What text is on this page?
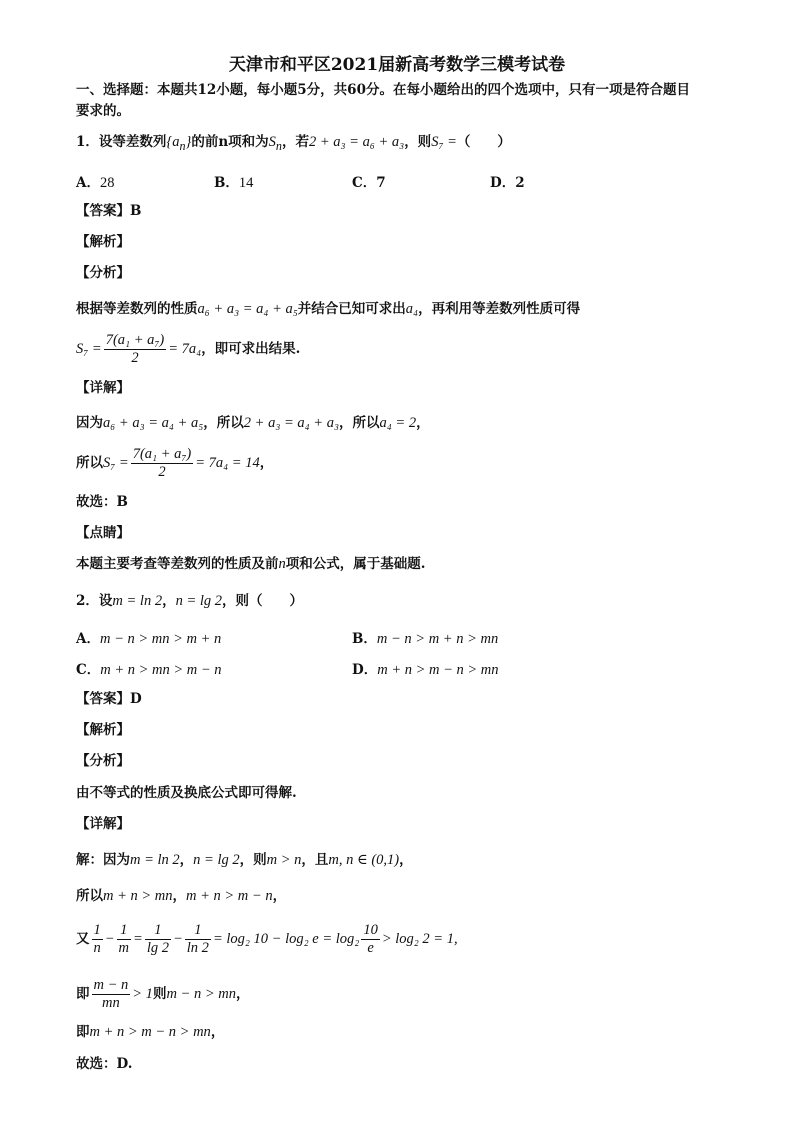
天津市和平区2021届新高考数学三模考试卷
一、选择题：本题共12小题，每小题5分，共60分。在每小题给出的四个选项中，只有一项是符合题目
要求的。
1．设等差数列$\{a_n\}$的前n项和为$S_n$，若2 + a₃ = a₆ + a₃，则S₇ =（　　）
A．28	B．14	C．7	D．2
【答案】B
【解析】
【分析】
根据等差数列的性质a₆ + a₃ = a₄ + a₅并结合已知可求出a₄，再利用等差数列性质可得
$S_7 = \frac{\text{7(a₁ + a₇)}}{2} = 7a_4$，即可求出结果.
【详解】
因为a₆ + a₃ = a₄ + a₅，所以2 + a₃ = a₄ + a₃，所以a₄ = 2，
所以$S_7 = \frac{\text{7(a₁ + a₇)}}{2} = 7a_4 = 14$，
故选：B
【点睛】
本题主要考查等差数列的性质及前n项和公式，属于基础题.
2．设m = ln 2，n = lg 2，则（　　）
A．m − n > mn > m + n	B．m − n > m + n > mn
C．m + n > mn > m − n	D．m + n > m − n > mn
【答案】D
【解析】
【分析】
由不等式的性质及换底公式即可得解.
【详解】
解：因为m = ln 2，n = lg 2，则m > n，且m, n ∈ (0,1)，
所以m + n > mn，m + n > m − n，
又 $\frac{1}{n} - \frac{1}{m} = \frac{1}{\lg 2} - \frac{1}{\ln 2} = \log_2$ 10 − log₂ $e = \log_2 \frac{10}{e} > \log_2$ 2 = 1,
即 $\frac{m - n}{mn} > 1$则m − n > mn，
即m + n > m − n > mn，
故选：D.
